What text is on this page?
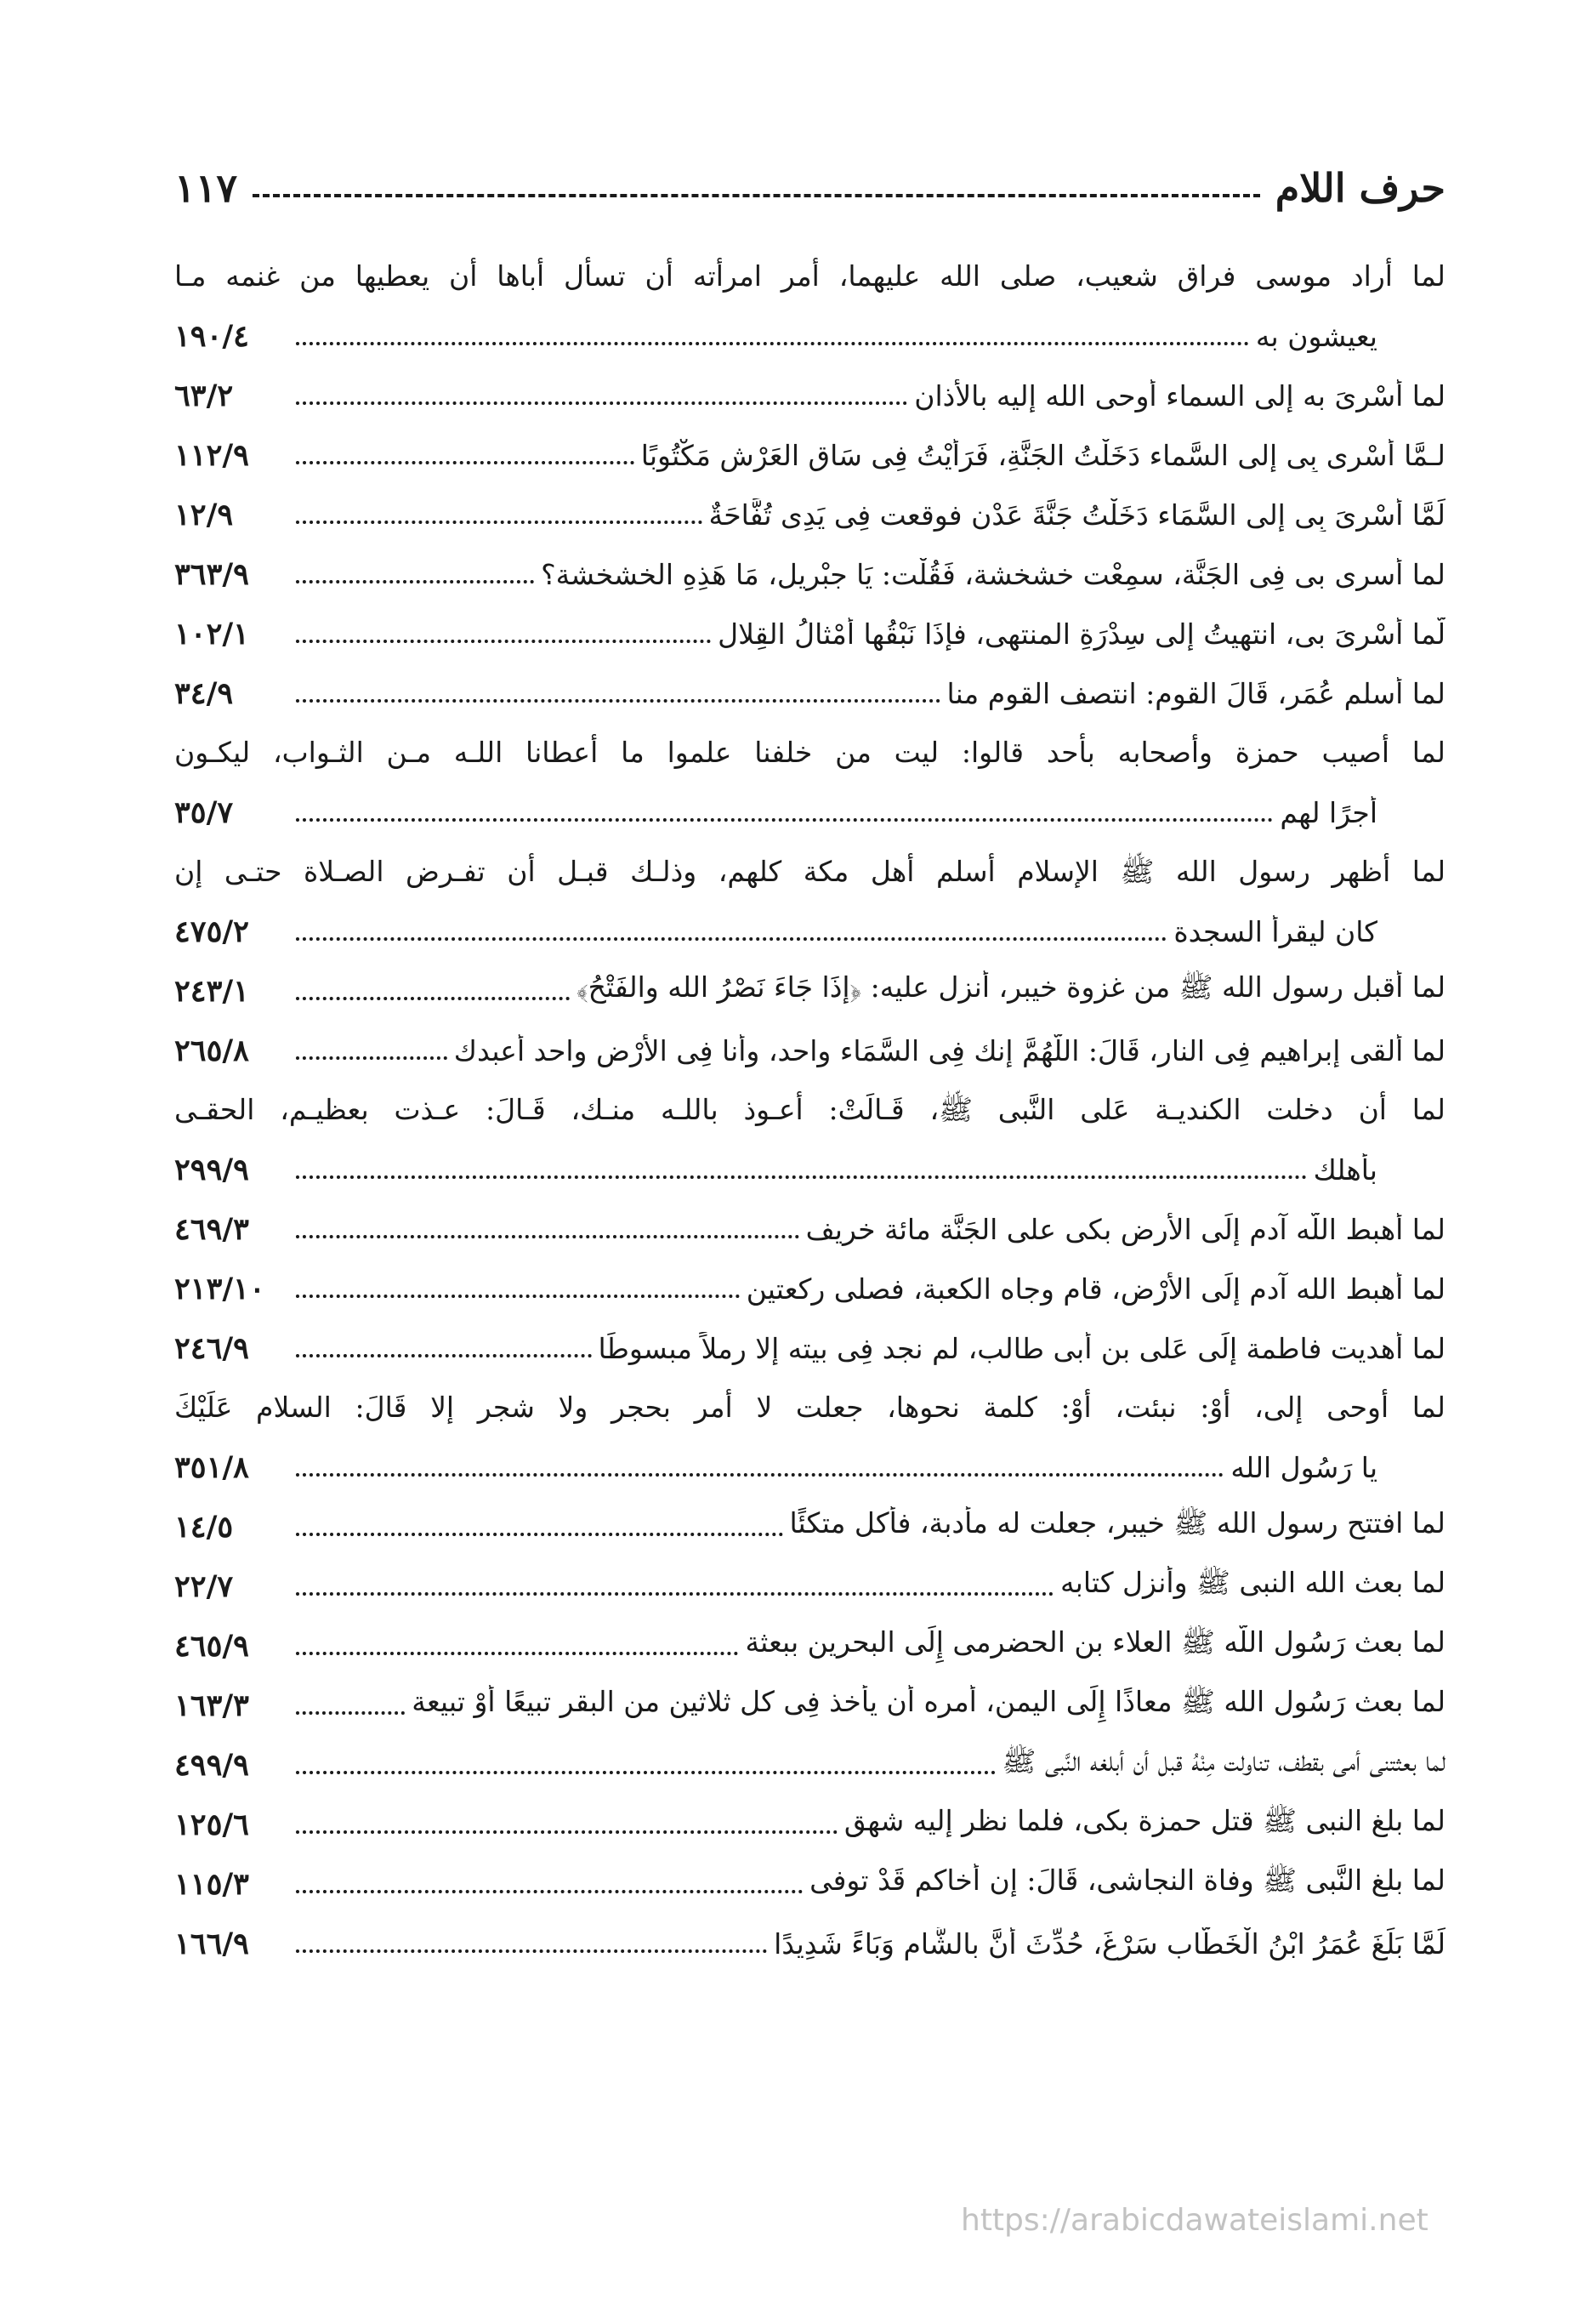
حرف اللام
١١٧
لما أراد موسى فراق شعيب، صلى الله عليهما، أمر امرأته أن تسأل أباها أن يعطيها من غنمه مـا
يعيشون به
١٩٠/٤
لما أسْرىَ به إلى السماء أوحى الله إليه بالأذان
٦٣/٢
لـمَّا أَسْرى بِى إِلى السَّماء دَخَلْتُ الجَنَّةِ، فَرَأيْتُ فِى سَاقِ العَرْشِ مَكْتُوبًا
١١٢/٩
لَمَّا أَسْرِىَ بِى إِلى السَّمَاء دَخَلْتُ جَنَّةَ عَدْن فوقعت فِى يَدِى تُفَّاحَةٌ
١٢/٩
لما أسرى بى فِى الجَنَّة، سمِعْت خشخشة، فَقُلْت: يَا جبْريل، مَا هَذِهِ الخشخشة؟
٣٦٣/٩
لَّما أَسْرىَ بى، انتهيتُ إِلى سِدْرَةِ المنتهى، فإذَا نَبْقُها أمْثالُ القِلالِ
١٠٢/١
لما أسلم عُمَر، قَالَ القوم: انتصف القوم منا
٣٤/٩
لما أصيب حمزة وأصحابه بأحد قالوا: ليت من خلفنا علموا ما أعطانا اللـه مـن الثـواب، ليكـون
أجرًا لهم
٣٥/٧
لما أظهر رسول الله ﷺ الإسلام أسلم أهل مكة كلهم، وذلـك قبـل أن تفـرض الصـلاة حتـى إن
كان ليقرأ السجدة
٤٧٥/٢
لما أقبل رسول الله ﷺ من غزوة خيبر، أنزل عليه: ﴿إذَا جَاءَ نَصْرُ الله والفَتْحُ﴾
٢٤٣/١
لما ألقى إبراهيم فِى النار، قَالَ: اللَّهُمَّ إنك فِى السَّمَاء واحد، وأنا فِى الأرْض واحد أعبدك
٢٦٥/٨
لما أن دخلت الكنديـة عَلى النَّبى ﷺ، قَـالَتْ: أعـوذ باللـه منـك، قَـالَ: عـذت بعظيـم، الحقـى
بأهلك
٢٩٩/٩
لما أهبط اللَّه آدم إِلَى الأرض بكى على الجَنَّة مائة خريف
٤٦٩/٣
لما أهبط الله آدم إِلَى الأرْض، قام وجاه الكعبة، فصلى ركعتين
٢١٣/١٠
لما أهديت فاطمة إِلَى عَلى بن أبى طالب، لم نجد فِى بيته إلا رملاً مبسوطًا
٢٤٦/٩
لما أوحى إلى، أوْ: نبئت، أوْ: كلمة نحوها، جعلت لا أمر بحجر ولا شجر إلا قَالَ: السلام عَلَيْكَ
يا رَسُول الله
٣٥١/٨
لما افتتح رسول الله ﷺ خيبر، جعلت له مأدبة، فأكل متكئًا
١٤/٥
لما بعث الله النبى ﷺ وأنزل كتابه
٢٢/٧
لما بعث رَسُول اللَّه ﷺ العلاء بن الحضرمى إِلَى البحرين ببعثة
٤٦٥/٩
لما بعث رَسُول الله ﷺ معاذًا إِلَى اليمن، أمره أن يأخذ فِى كل ثلاثين من البقر تبيعًا أوْ تبيعة
١٦٣/٣
لما بعثتنى أمى بقطف، تناولت مِنْهُ قبل أن أبلغه النَّبى ﷺ
٤٩٩/٩
لما بلغ النبى ﷺ قتل حمزة بكى، فلما نظر إليه شهق
١٢٥/٦
لما بلغ النَّبى ﷺ وفاة النجاشى، قَالَ: إن أخاكم قَدْ توفى
١١٥/٣
لَمَّا بَلَغَ عُمَرُ ابْنُ الْخَطَّاب سَرْغَ، حُدِّثَ أَنَّ بالشَّام وَبَاءً شَدِيدًا
١٦٦/٩
https://arabicdawateislami.net
